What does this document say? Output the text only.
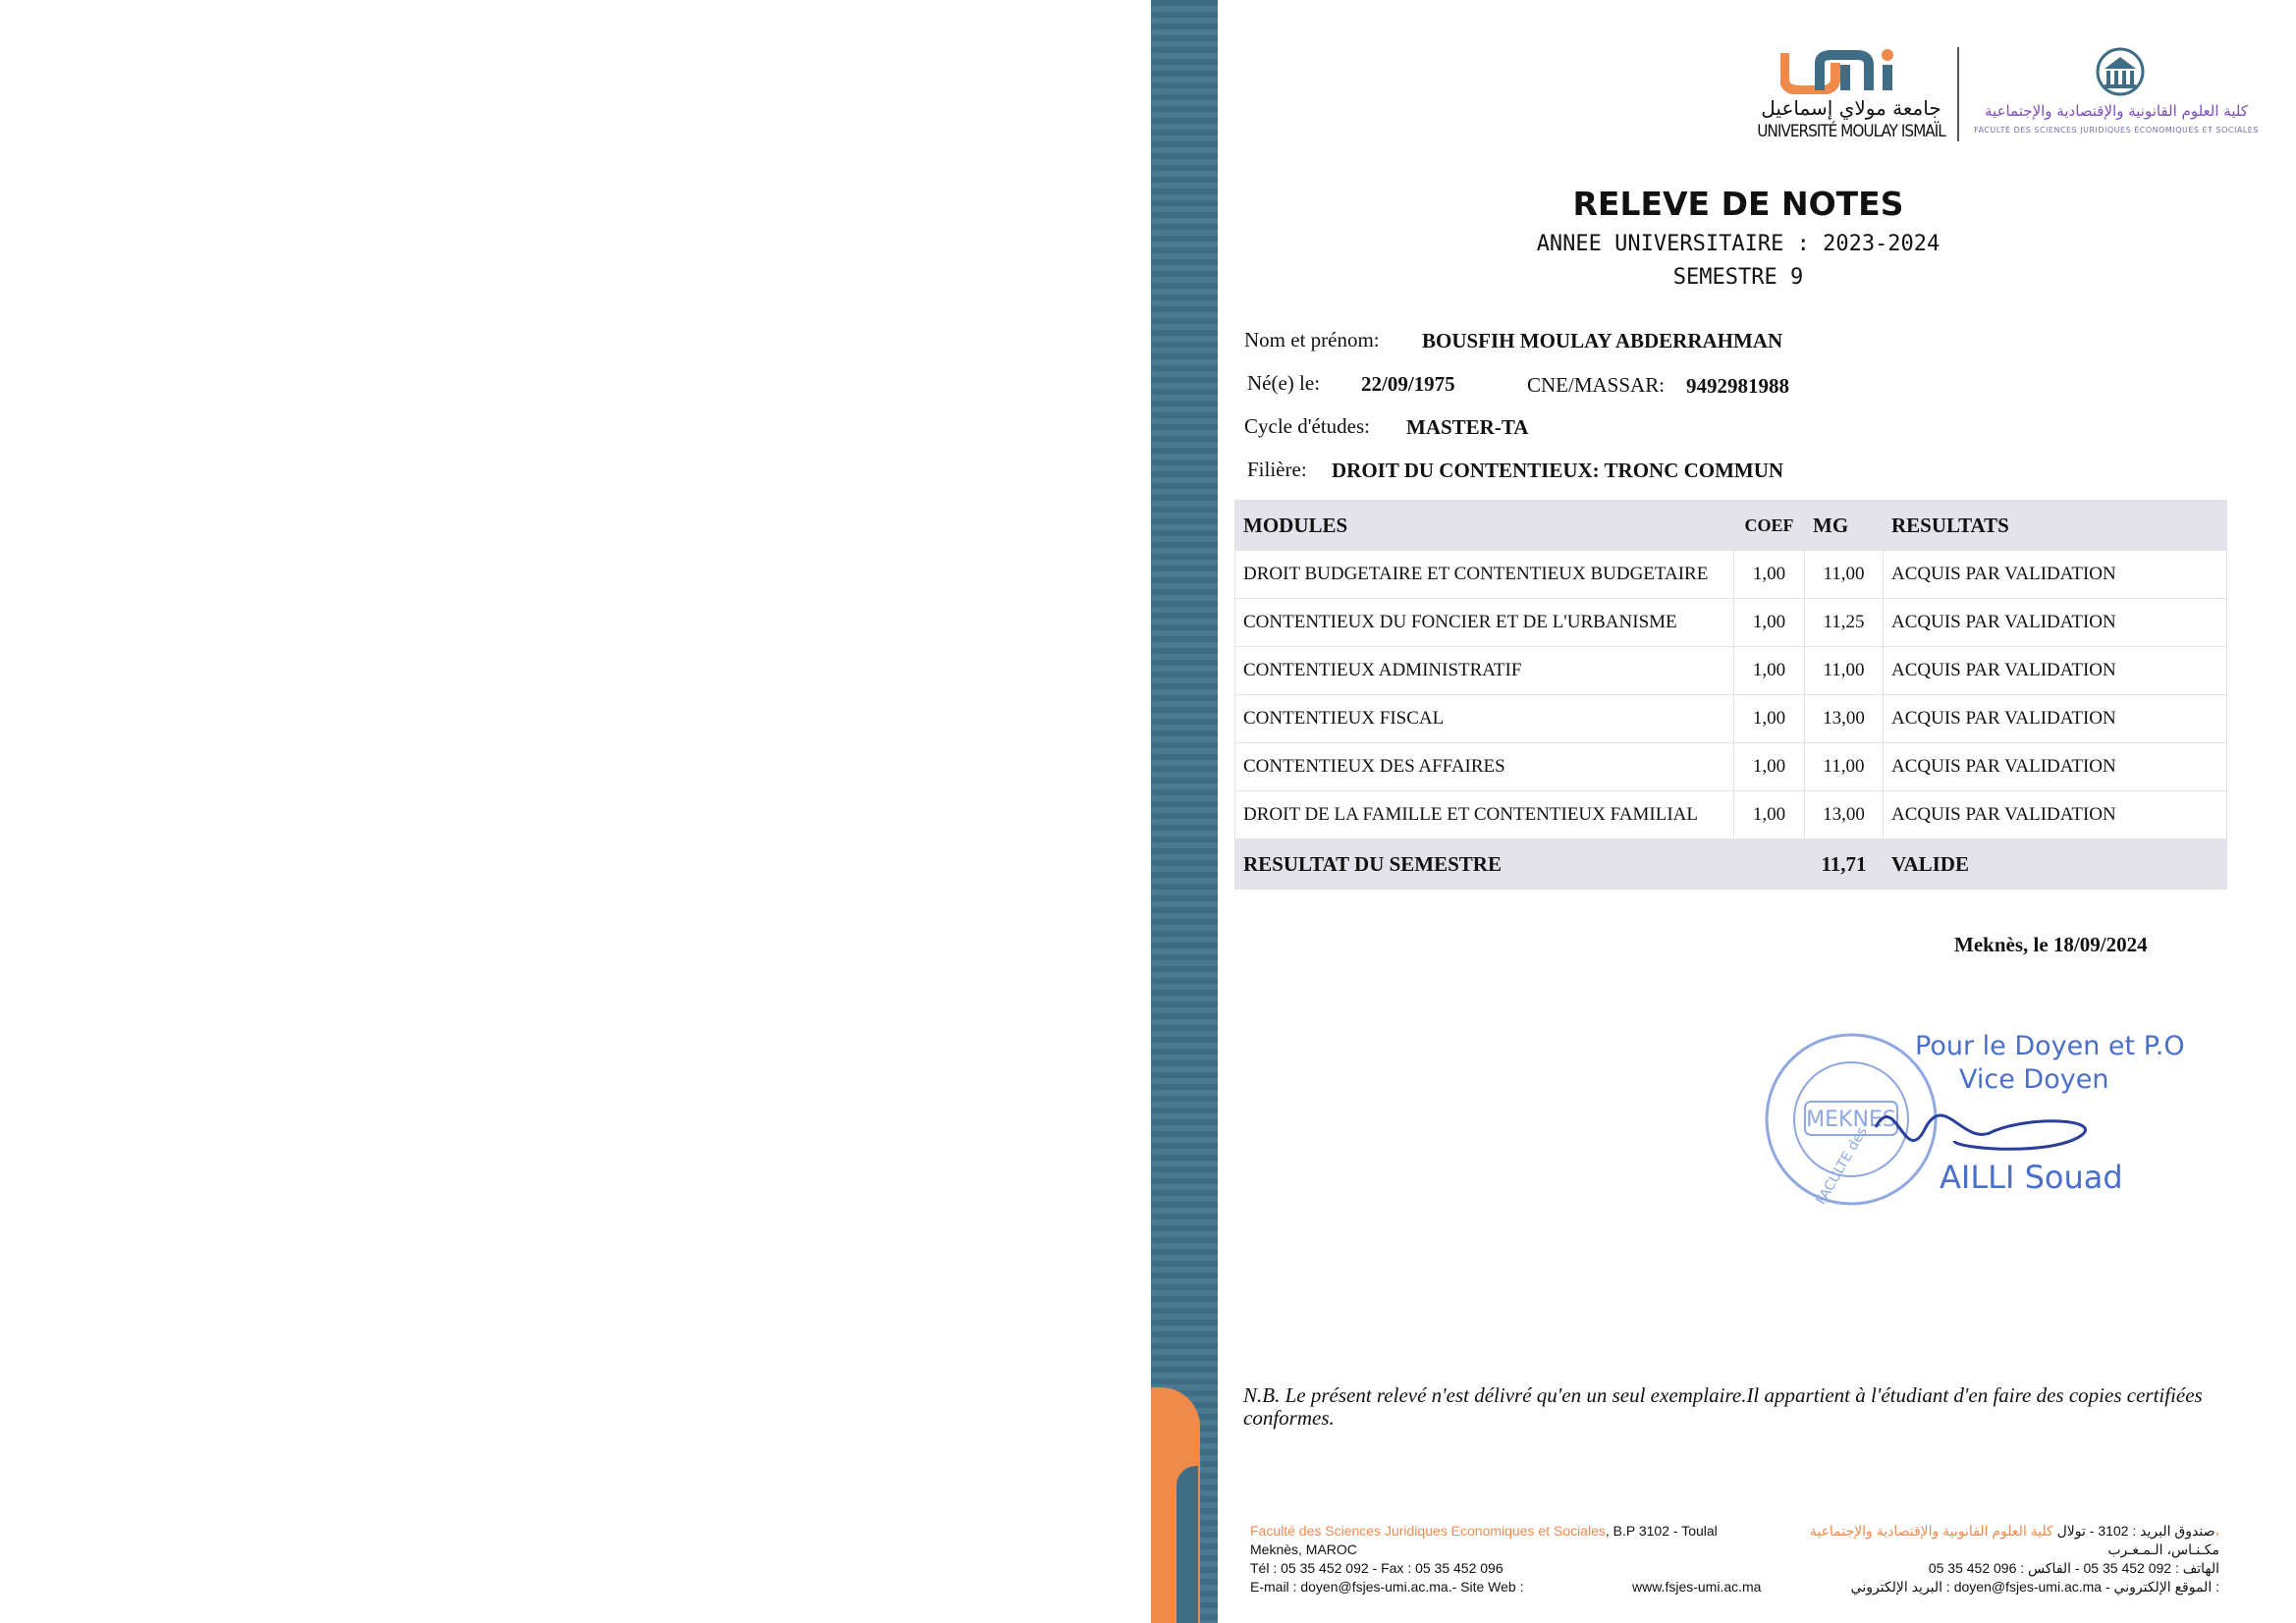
جامعة مولاي إسماعيل
UNIVERSITÉ MOULAY ISMAÏL
كلية العلوم القانونية والإقتصادية والإجتماعية
FACULTÉ DES SCIENCES JURIDIQUES ÉCONOMIQUES ET SOCIALES
RELEVE DE NOTES
ANNEE UNIVERSITAIRE : 2023-2024
SEMESTRE 9
Nom et prénom: BOUSFIH MOULAY ABDERRAHMAN
Né(e) le: 22/09/1975	CNE/MASSAR: 9492981988
Cycle d'études: MASTER-TA
Filière: DROIT DU CONTENTIEUX: TRONC COMMUN
MODULES	COEF	MG	RESULTATS
DROIT BUDGETAIRE ET CONTENTIEUX BUDGETAIRE	1,00	11,00	ACQUIS PAR VALIDATION
CONTENTIEUX DU FONCIER ET DE L'URBANISME	1,00	11,25	ACQUIS PAR VALIDATION
CONTENTIEUX ADMINISTRATIF	1,00	11,00	ACQUIS PAR VALIDATION
CONTENTIEUX FISCAL	1,00	13,00	ACQUIS PAR VALIDATION
CONTENTIEUX DES AFFAIRES	1,00	11,00	ACQUIS PAR VALIDATION
DROIT DE LA FAMILLE ET CONTENTIEUX FAMILIAL	1,00	13,00	ACQUIS PAR VALIDATION
RESULTAT DU SEMESTRE		11,71	VALIDE
Meknès, le 18/09/2024
MEKNES
FACULTE des
Pour le Doyen et P.O
Vice Doyen
AILLI Souad
N.B. Le présent relevé n'est délivré qu'en un seul exemplaire.Il appartient à l'étudiant d'en faire des copies certifiées conformes.
Faculté des Sciences Juridiques Economiques et Sociales, B.P 3102 - Toulal
Meknès, MAROC
Tél : 05 35 452 092 - Fax : 05 35 452 096
E-mail : doyen@fsjes-umi.ac.ma.- Site Web :	www.fsjes-umi.ac.ma
صندوق البريد : 3102 - تولال كلية العلوم القانونية والإقتصادية والإجتماعية،
مكـنـاس، الـمـغـرب
الهاتف : 092 452 35 05 - الفاكس : 096 452 35 05
البريد الإلكتروني : doyen@fsjes-umi.ac.ma - الموقع الإلكتروني :
